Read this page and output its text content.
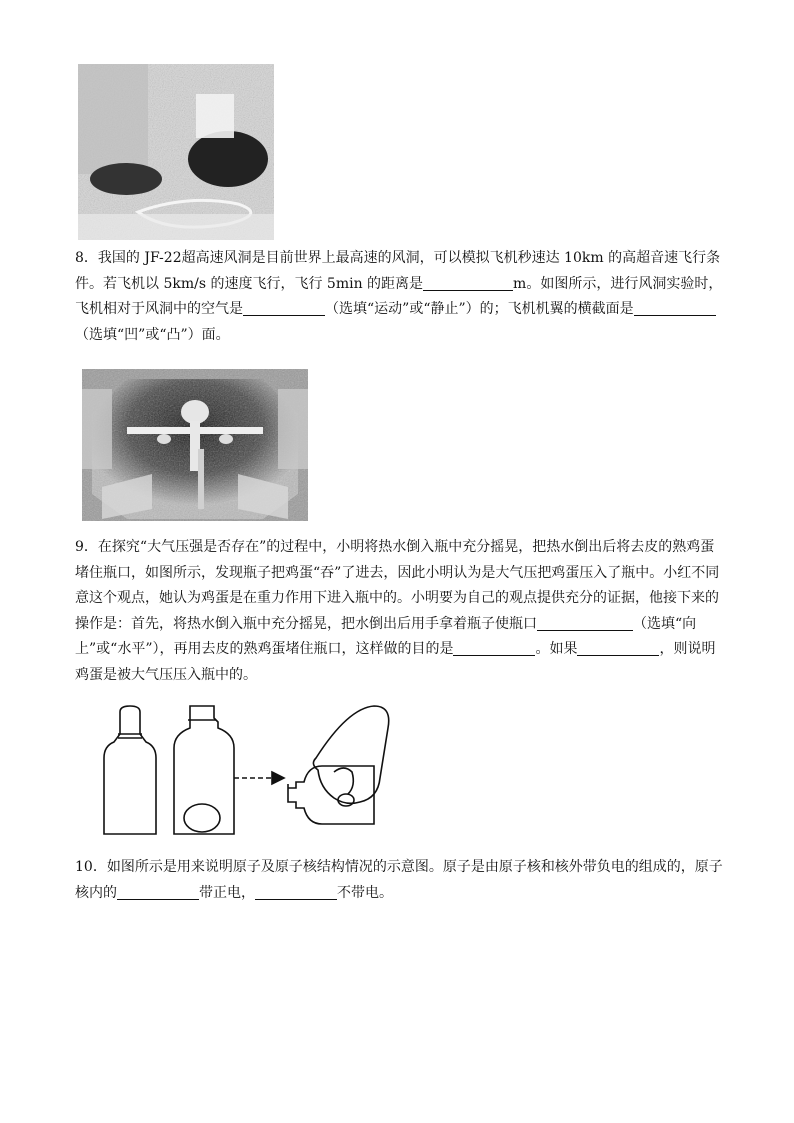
8．我国的 JF-22超高速风洞是目前世界上最高速的风洞，可以模拟飞机秒速达 10km 的高超音速飞行条件。若飞机以 5km/s 的速度飞行，飞行 5min 的距离是	m。如图所示，进行风洞实验时，飞机相对于风洞中的空气是	（选填“运动”或“静止”）的；飞机机翼的横截面是（选填“凹”或“凸”）面。
9．在探究“大气压强是否存在”的过程中，小明将热水倒入瓶中充分摇晃，把热水倒出后将去皮的熟鸡蛋堵住瓶口，如图所示，发现瓶子把鸡蛋“吞”了进去，因此小明认为是大气压把鸡蛋压入了瓶中。小红不同意这个观点，她认为鸡蛋是在重力作用下进入瓶中的。小明要为自己的观点提供充分的证据，他接下来的操作是：首先，将热水倒入瓶中充分摇晃，把水倒出后用手拿着瓶子使瓶口	（选填“向上”或“水平”），再用去皮的熟鸡蛋堵住瓶口，这样做的目的是	。如果	，则说明鸡蛋是被大气压压入瓶中的。
10．如图所示是用来说明原子及原子核结构情况的示意图。原子是由原子核和核外带负电的组成的，原子核内的	带正电，	不带电。
